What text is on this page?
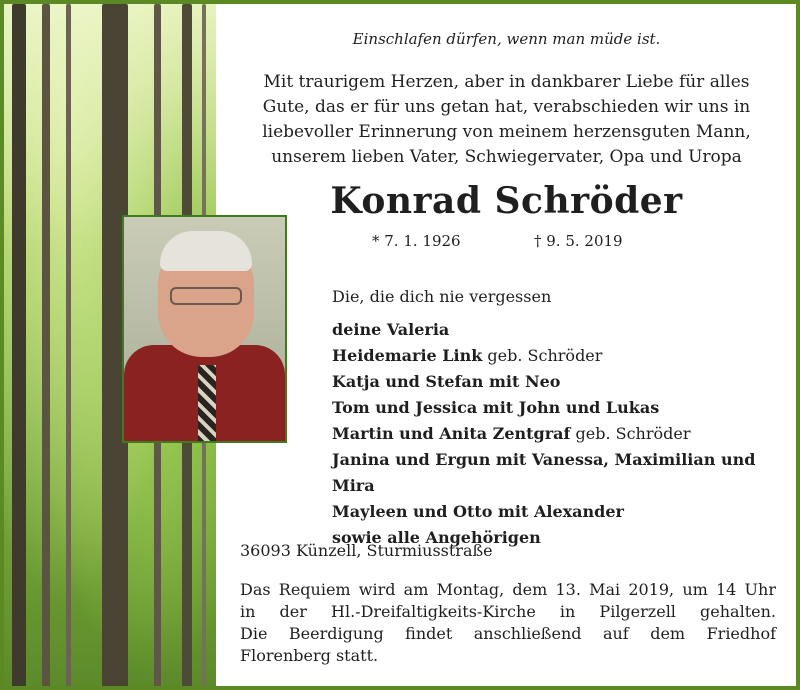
Einschlafen dürfen, wenn man müde ist.
Mit traurigem Herzen, aber in dankbarer Liebe für alles
Gute, das er für uns getan hat, verabschieden wir uns in
liebevoller Erinnerung von meinem herzensguten Mann,
unserem lieben Vater, Schwiegervater, Opa und Uropa
Konrad Schröder
* 7. 1. 1926	† 9. 5. 2019
Die, die dich nie vergessen
deine Valeria
Heidemarie Link geb. Schröder
Katja und Stefan mit Neo
Tom und Jessica mit John und Lukas
Martin und Anita Zentgraf geb. Schröder
Janina und Ergun mit Vanessa, Maximilian und Mira
Mayleen und Otto mit Alexander
sowie alle Angehörigen
36093 Künzell, Sturmiusstraße
Das Requiem wird am Montag, dem 13. Mai 2019, um 14 Uhr
in der Hl.-Dreifaltigkeits-Kirche in Pilgerzell gehalten.
Die Beerdigung findet anschließend auf dem Friedhof
Florenberg statt.
